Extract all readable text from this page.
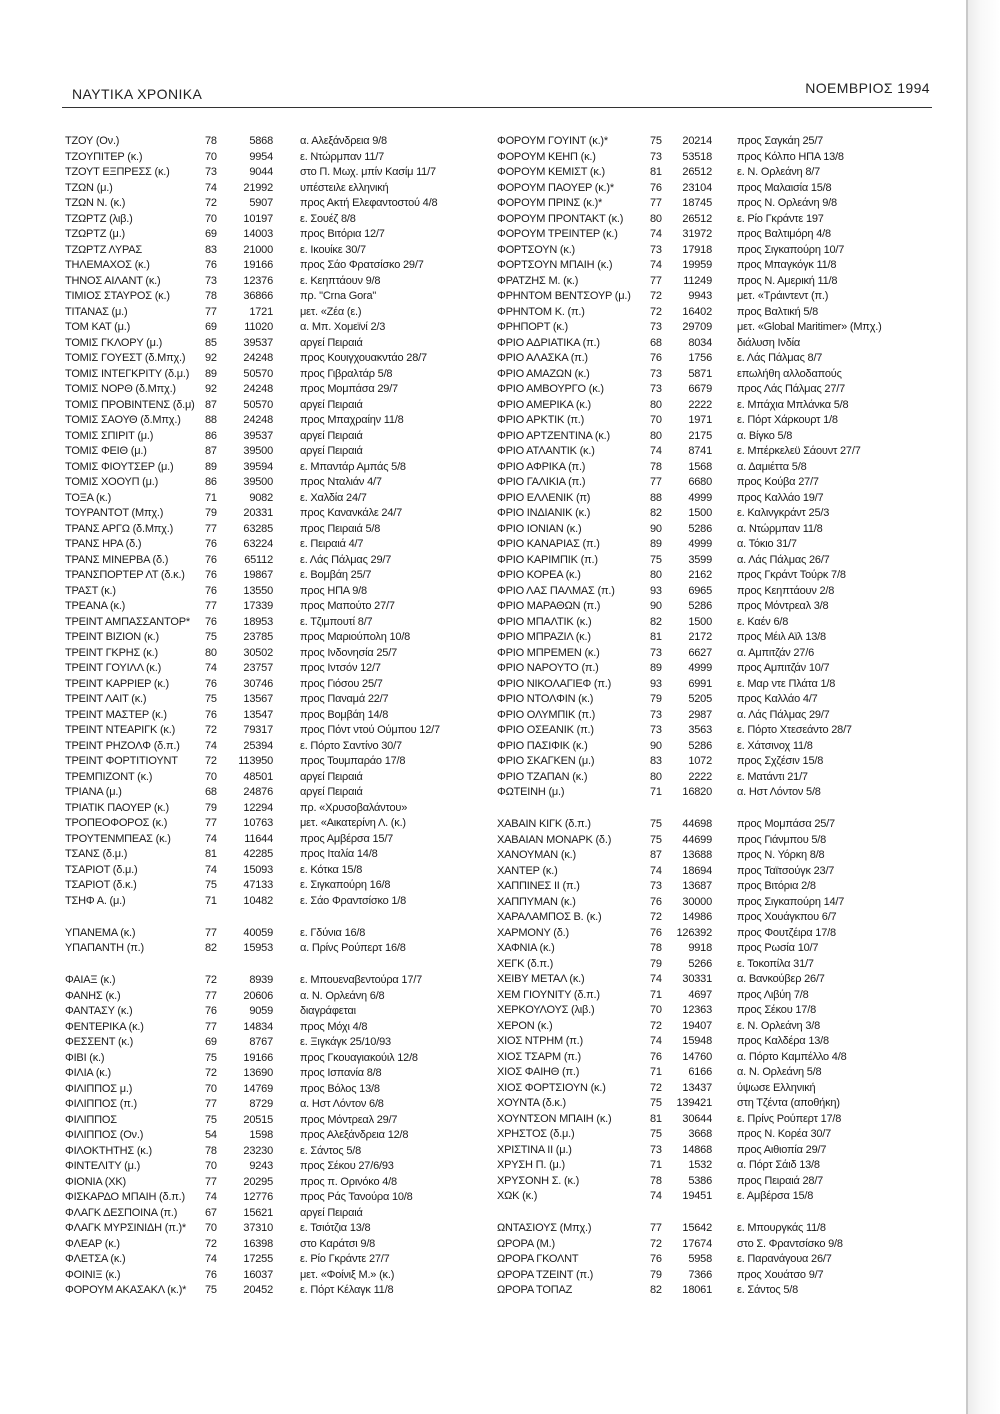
ΝΑΥΤΙΚΑ ΧΡΟΝΙΚΑ	ΝΟΕΜΒΡΙΟΣ 1994
ΤΖΟΥ (Ον.)	78	5868 α. Αλεξάνδρεια 9/8
ΤΖΟΥΠΙΤΕΡ (κ.)	70	9954 ε. Ντώρμπαν 11/7
ΤΖΟΥΤ ΕΞΠΡΕΣΣ (κ.)	73	9044 στο Π. Μωχ. μπίν Κασίμ 11/7
ΤΖΩΝ (μ.)	74	21992 υπέστειλε ελληνική
ΤΖΩΝ Ν. (κ.)	72	5907 προς Ακτή Ελεφαντοστού 4/8
ΤΖΩΡΤΖ (λιβ.)	70	10197 ε. Σουέζ 8/8
ΤΖΩΡΤΖ (μ.)	69	14003 προς Βιτόρια 12/7
ΤΖΩΡΤΖ ΛΥΡΑΣ	83	21000 ε. Ικουίκε 30/7
ΤΗΛΕΜΑΧΟΣ (κ.)	76	19166 προς Σάο Φρατσίσκο 29/7
ΤΗΝΟΣ ΑΙΛΑΝΤ (κ.)	73	12376 ε. Κεηπτάουν 9/8
ΤΙΜΙΟΣ ΣΤΑΥΡΟΣ (κ.)	78	36866 πρ. "Crna Gora"
ΤΙΤΑΝΑΣ (μ.)	77	1721 μετ. «Ζέα (ε.)
ΤΟΜ ΚΑΤ (μ.)	69	11020 α. Μπ. Χομεϊνί 2/3
ΤΟΜΙΣ ΓΚΛΟΡΥ (μ.)	85	39537 αργεί Πειραιά
ΤΟΜΙΣ ΓΟΥΕΣΤ (δ.Μπχ.) 92	24248 προς Κουιγχουακντάο 28/7
ΤΟΜΙΣ ΙΝΤΕΓΚΡΙΤΥ (δ.μ.) 89	50570 προς Γιβραλτάρ 5/8
ΤΟΜΙΣ ΝΟΡΘ (δ.Μπχ.)	92	24248 προς Μομπάσα 29/7
ΤΟΜΙΣ ΠΡΟΒΙΝΤΕΝΣ (δ.μ) 87	50570 αργεί Πειραιά
ΤΟΜΙΣ ΣΑΟΥΘ (δ.Μπχ.) 88	24248 προς Μπαχραίην 11/8
ΤΟΜΙΣ ΣΠΙΡΙΤ (μ.)	86	39537 αργεί Πειραιά
ΤΟΜΙΣ ΦΕΙΘ (μ.)	87	39500 αργεί Πειραιά
ΤΟΜΙΣ ΦΙΟΥΤΣΕΡ (μ.)	89	39594 ε. Μπαντάρ Αμπάς 5/8
ΤΟΜΙΣ ΧΟΟΥΠ (μ.)	86	39500 προς Νταλιάν 4/7
ΤΟΞΑ (κ.)	71	9082 ε. Χαλδία 24/7
ΤΟΥΡΑΝΤΟΤ (Μπχ.)	79	20331 προς Κανανκάλε 24/7
ΤΡΑΝΣ ΑΡΓΩ (δ.Μπχ.)	77	63285 προς Πειραιά 5/8
ΤΡΑΝΣ ΗΡΑ (δ.)	76	63224 ε. Πειραιά 4/7
ΤΡΑΝΣ ΜΙΝΕΡΒΑ (δ.)	76	65112 ε. Λάς Πάλμας 29/7
ΤΡΑΝΣΠΟΡΤΕΡ ΛΤ (δ.κ.) 76	19867 ε. Βομβάη 25/7
ΤΡΑΣΤ (κ.)	76	13550 προς ΗΠΑ 9/8
ΤΡΕΑΝΑ (κ.)	77	17339 προς Μαπούτο 27/7
ΤΡΕΙΝΤ ΑΜΠΑΣΣΑΝΤΟΡ* 76	18953 ε. Τζιμπουτί 8/7
ΤΡΕΙΝΤ ΒΙΖΙΟΝ (κ.)	75	23785 προς Μαριούπολη 10/8
ΤΡΕΙΝΤ ΓΚΡΗΣ (κ.)	80	30502 προς Ινδονησία 25/7
ΤΡΕΙΝΤ ΓΟΥΙΛΛ (κ.)	74	23757 προς Ιντσόν 12/7
ΤΡΕΙΝΤ ΚΑΡΡΙΕΡ (κ.)	76	30746 προς Γιόσου 25/7
ΤΡΕΙΝΤ ΛΑΙΤ (κ.)	75	13567 προς Παναμά 22/7
ΤΡΕΙΝΤ ΜΑΣΤΕΡ (κ.)	76	13547 προς Βομβάη 14/8
ΤΡΕΙΝΤ ΝΤΕΑΡΙΓΚ (κ.)	72	79317 προς Πόντ ντού Ούμπου 12/7
ΤΡΕΙΝΤ ΡΗΖΟΛΦ (δ.π.) 74	25394 ε. Πόρτο Σαντίνο 30/7
ΤΡΕΙΝΤ ΦΟΡΤΙΤΙΟΥΝΤ 72	113950 προς Τουμπαράο 17/8
ΤΡΕΜΠΙΖΟΝΤ (κ.)	70	48501 αργεί Πειραιά
ΤΡΙΑΝΑ (μ.)	68	24876 αργεί Πειραιά
ΤΡΙΑΤΙΚ ΠΑΟΥΕΡ (κ.)	79	12294 πρ. «Χρυσοβαλάντου»
ΤΡΟΠΕΟΦΟΡΟΣ (κ.)	77	10763 μετ. «Αικατερίνη Λ. (κ.)
ΤΡΟΥΤΕΝΜΠΕΑΣ (κ.)	74	11644 προς Αμβέρσα 15/7
ΤΣΑΝΣ (δ.μ.)	81	42285 προς Ιταλία 14/8
ΤΣΑΡΙΟΤ (δ.μ.)	74	15093 ε. Κότκα 15/8
ΤΣΑΡΙΟΤ (δ.κ.)	75	47133 ε. Σιγκαπούρη 16/8
ΤΣΗΦ Α. (μ.)	71	10482 ε. Σάο Φραντσίσκο 1/8
ΥΠΑΝΕΜΑ (κ.)	77	40059 ε. Γδύνια 16/8
ΥΠΑΠΑΝΤΗ (π.)	82	15953 α. Πρίνς Ρούπερτ 16/8
ΦΑΙΑΞ (κ.)	72	8939 ε. Μπουεναβεντούρα 17/7
ΦΑΝΗΣ (κ.)	77	20606 α. Ν. Ορλεάνη 6/8
ΦΑΝΤΑΣΥ (κ.)	76	9059 διαγράφεται
ΦΕΝΤΕΡΙΚΑ (κ.)	77	14834 προς Μόχι 4/8
ΦΕΣΣΕΝΤ (κ.)	69	8767 ε. Ξιγκάγκ 25/10/93
ΦΙΒΙ (κ.)	75	19166 προς Γκουαγιακούιλ 12/8
ΦΙΛΙΑ (κ.)	72	13690 προς Ισπανία 8/8
ΦΙΛΙΠΠΟΣ μ.)	70	14769 προς Βόλος 13/8
ΦΙΛΙΠΠΟΣ (π.)	77	8729 α. Ηστ Λόντον 6/8
ΦΙΛΙΠΠΟΣ	75	20515 προς Μόντρεαλ 29/7
ΦΙΛΙΠΠΟΣ (Ον.)	54	1598 προς Αλεξάνδρεια 12/8
ΦΙΛΟΚΤΗΤΗΣ (κ.)	78	23230 ε. Σάντος 5/8
ΦΙΝΤΕΛΙΤΥ (μ.)	70	9243 προς Σέκου 27/6/93
ΦΙΟΝΙΑ (ΧΚ)	77	20295 προς π. Ορινόκο 4/8
ΦΙΣΚΑΡΔΟ ΜΠΑΙΗ (δ.π.) 74	12776 προς Ράς Τανούρα 10/8
ΦΛΑΓΚ ΔΕΣΠΟΙΝΑ (π.)	67	15621 αργεί Πειραιά
ΦΛΑΓΚ ΜΥΡΣΙΝΙΔΗ (π.)* 70	37310 ε. Τσιότζια 13/8
ΦΛΕΑΡ (κ.)	72	16398 στο Καράτσι 9/8
ΦΛΕΤΣΑ (κ.)	74	17255 ε. Ρίο Γκράντε 27/7
ΦΟΙΝΙΞ (κ.)	76	16037 μετ. «Φοίνιξ Μ.» (κ.)
ΦΟΡΟΥΜ ΑΚΑΣΑΚΛ (κ.)* 75	20452 ε. Πόρτ Κέλαγκ 11/8
ΦΟΡΟΥΜ ΓΟΥΙΝΤ (κ.)*	75	20214 προς Σαγκάη 25/7
ΦΟΡΟΥΜ ΚΕΗΠ (κ.)	73	53518 προς Κόλπο ΗΠΑ 13/8
ΦΟΡΟΥΜ ΚΕΜΙΣΤ (κ.)	81	26512 ε. Ν. Ορλεάνη 8/7
ΦΟΡΟΥΜ ΠΑΟΥΕΡ (κ.)*	76	23104 προς Μαλαισία 15/8
ΦΟΡΟΥΜ ΠΡΙΝΣ (κ.)*	77	18745 προς Ν. Ορλεάνη 9/8
ΦΟΡΟΥΜ ΠΡΟΝΤΑΚΤ (κ.) 80	26512 ε. Ρίο Γκράντε 197
ΦΟΡΟΥΜ ΤΡΕΙΝΤΕΡ (κ.)	74	31972 προς Βαλτιμόρη 4/8
ΦΟΡΤΣΟΥΝ (κ.)	73	17918 προς Σιγκαπούρη 10/7
ΦΟΡΤΣΟΥΝ ΜΠΑΙΗ (κ.)	74	19959 προς Μπαγκόγκ 11/8
ΦΡΑΤΖΗΣ Μ. (κ.)	77	11249 προς Ν. Αμερική 11/8
ΦΡΗΝΤΟΜ ΒΕΝΤΣΟΥΡ (μ.) 72	9943 μετ. «Τράιντεντ (π.)
ΦΡΗΝΤΟΜ Κ. (π.)	72	16402 προς Βαλτική 5/8
ΦΡΗΠΟΡΤ (κ.)	73	29709 μετ. «Global Maritimer» (Μπχ.)
ΦΡΙΟ ΑΔΡΙΑΤΙΚΑ (π.)	68	8034 διάλυση Ινδία
ΦΡΙΟ ΑΛΑΣΚΑ (π.)	76	1756 ε. Λάς Πάλμας 8/7
ΦΡΙΟ ΑΜΑΖΩΝ (κ.)	73	5871 επωλήθη αλλοδαπούς
ΦΡΙΟ ΑΜΒΟΥΡΓΟ (κ.)	73	6679 προς Λάς Πάλμας 27/7
ΦΡΙΟ ΑΜΕΡΙΚΑ (κ.)	80	2222 ε. Μπάχια Μπλάνκα 5/8
ΦΡΙΟ ΑΡΚΤΙΚ (π.)	70	1971 ε. Πόρτ Χάρκουρτ 1/8
ΦΡΙΟ ΑΡΤΖΕΝΤΙΝΑ (κ.)	80	2175 α. Βίγκο 5/8
ΦΡΙΟ ΑΤΛΑΝΤΙΚ (κ.)	74	8741 ε. Μπέρκελεϋ Σάουντ 27/7
ΦΡΙΟ ΑΦΡΙΚΑ (π.)	78	1568 α. Δαμιέττα 5/8
ΦΡΙΟ ΓΑΛΙΚΙΑ (π.)	77	6680 προς Κούβα 27/7
ΦΡΙΟ ΕΛΛΕΝΙΚ (π)	88	4999 προς Καλλάο 19/7
ΦΡΙΟ ΙΝΔΙΑΝΙΚ (κ.)	82	1500 ε. Καλινγκράντ 25/3
ΦΡΙΟ ΙΟΝΙΑΝ (κ.)	90	5286 α. Ντώρμπαν 11/8
ΦΡΙΟ ΚΑΝΑΡΙΑΣ (π.)	89	4999 α. Τόκιο 31/7
ΦΡΙΟ ΚΑΡΙΜΠΙΚ (π.)	75	3599 α. Λάς Πάλμας 26/7
ΦΡΙΟ ΚΟΡΕΑ (κ.)	80	2162 προς Γκράντ Τούρκ 7/8
ΦΡΙΟ ΛΑΣ ΠΑΛΜΑΣ (π.)	93	6965 προς Κεηπτάουν 2/8
ΦΡΙΟ ΜΑΡΑΘΩΝ (π.)	90	5286 προς Μόντρεαλ 3/8
ΦΡΙΟ ΜΠΑΛΤΙΚ (κ.)	82	1500 ε. Καέν 6/8
ΦΡΙΟ ΜΠΡΑΖΙΛ (κ.)	81	2172 προς Μέιλ Αϊλ 13/8
ΦΡΙΟ ΜΠΡΕΜΕΝ (κ.)	73	6627 α. Αμπιτζάν 27/6
ΦΡΙΟ ΝΑΡΟΥΤΟ (π.)	89	4999 προς Αμπιτζάν 10/7
ΦΡΙΟ ΝΙΚΟΛΑΓΙΕΦ (π.)	93	6991 ε. Μαρ ντε Πλάτα 1/8
ΦΡΙΟ ΝΤΟΛΦΙΝ (κ.)	79	5205 προς Καλλάο 4/7
ΦΡΙΟ ΟΛΥΜΠΙΚ (π.)	73	2987 α. Λάς Πάλμας 29/7
ΦΡΙΟ ΟΣΕΑΝΙΚ (π.)	73	3563 ε. Πόρτο Χτεσεάντο 28/7
ΦΡΙΟ ΠΑΣΙΦΙΚ (κ.)	90	5286 ε. Χάτσινοχ 11/8
ΦΡΙΟ ΣΚΑΓΚΕΝ (μ.)	83	1072 προς Σχζέσιν 15/8
ΦΡΙΟ ΤΖΑΠΑΝ (κ.)	80	2222 ε. Ματάντι 21/7
ΦΩΤΕΙΝΗ (μ.)	71	16820 α. Ηστ Λόντον 5/8
ΧΑΒΑΙΝ ΚΙΓΚ (δ.π.)	75	44698 προς Μομπάσα 25/7
ΧΑΒΑΙΑΝ ΜΟΝΑΡΚ (δ.)	75	44699 προς Γιάνμπου 5/8
ΧΑΝΟΥΜΑΝ (κ.)	87	13688 προς Ν. Υόρκη 8/8
ΧΑΝΤΕΡ (κ.)	74	18694 προς Ταϊτσούγκ 23/7
ΧΑΠΠΙΝΕΣ ΙΙ (π.)	73	13687 προς Βιτόρια 2/8
ΧΑΠΠΥΜΑΝ (κ.)	76	30000 προς Σιγκαπούρη 14/7
ΧΑΡΑΛΑΜΠΟΣ Β. (κ.)	72	14986 προς Χουάγκπου 6/7
ΧΑΡΜΟΝΥ (δ.)	76	126392 προς Φουτζέιρα 17/8
ΧΑΦΝΙΑ (κ.)	78	9918 προς Ρωσία 10/7
ΧΕΓΚ (δ.π.)	79	5266 ε. Τοκοπίλα 31/7
ΧΕΙΒΥ ΜΕΤΑΛ (κ.)	74	30331 α. Βανκούβερ 26/7
ΧΕΜ ΓΙΟΥΝΙΤΥ (δ.π.)	71	4697 προς Λιβύη 7/8
ΧΕΡΚΟΥΛΟΥΣ (λιβ.)	70	12363 προς Σέκου 17/8
ΧΕΡΟΝ (κ.)	72	19407 ε. Ν. Ορλεάνη 3/8
ΧΙΟΣ ΝΤΡΗΜ (π.)	74	15948 προς Καλδέρα 13/8
ΧΙΟΣ ΤΣΑΡΜ (π.)	76	14760 α. Πόρτο Καμπέλλο 4/8
ΧΙΟΣ ΦΑΙΗΘ (π.)	71	6166 α. Ν. Ορλεάνη 5/8
ΧΙΟΣ ΦΟΡΤΣΙΟΥΝ (κ.)	72	13437 ύψωσε Ελληνική
ΧΟΥΝΤΑ (δ.κ.)	75	139421 στη Τζέντα (αποθήκη)
ΧΟΥΝΤΣΟΝ ΜΠΑΙΗ (κ.)	81	30644 ε. Πρίνς Ρούπερτ 17/8
ΧΡΗΣΤΟΣ (δ.μ.)	75	3668 προς Ν. Κορέα 30/7
ΧΡΙΣΤΙΝΑ ΙΙ (μ.)	73	14868 προς Αιθιοπία 29/7
ΧΡΥΣΗ Π. (μ.)	71	1532 α. Πόρτ Σάιδ 13/8
ΧΡΥΣΟΝΗ Σ. (κ.)	78	5386 προς Πειραιά 28/7
ΧΩΚ (κ.)	74	19451 ε. Αμβέρσα 15/8
ΩΝΤΑΣΙΟΥΣ (Μπχ.)	77	15642 ε. Μπουργκάς 11/8
ΩΡΟΡΑ (Μ.)	72	17674 στο Σ. Φραντσίσκο 9/8
ΩΡΟΡΑ ΓΚΟΛΝΤ	76	5958 ε. Παρανάγουα 26/7
ΩΡΟΡΑ ΤΖΕΙΝΤ (π.)	79	7366 προς Χουάτσο 9/7
ΩΡΟΡΑ ΤΟΠΑΖ	82	18061 ε. Σάντος 5/8
